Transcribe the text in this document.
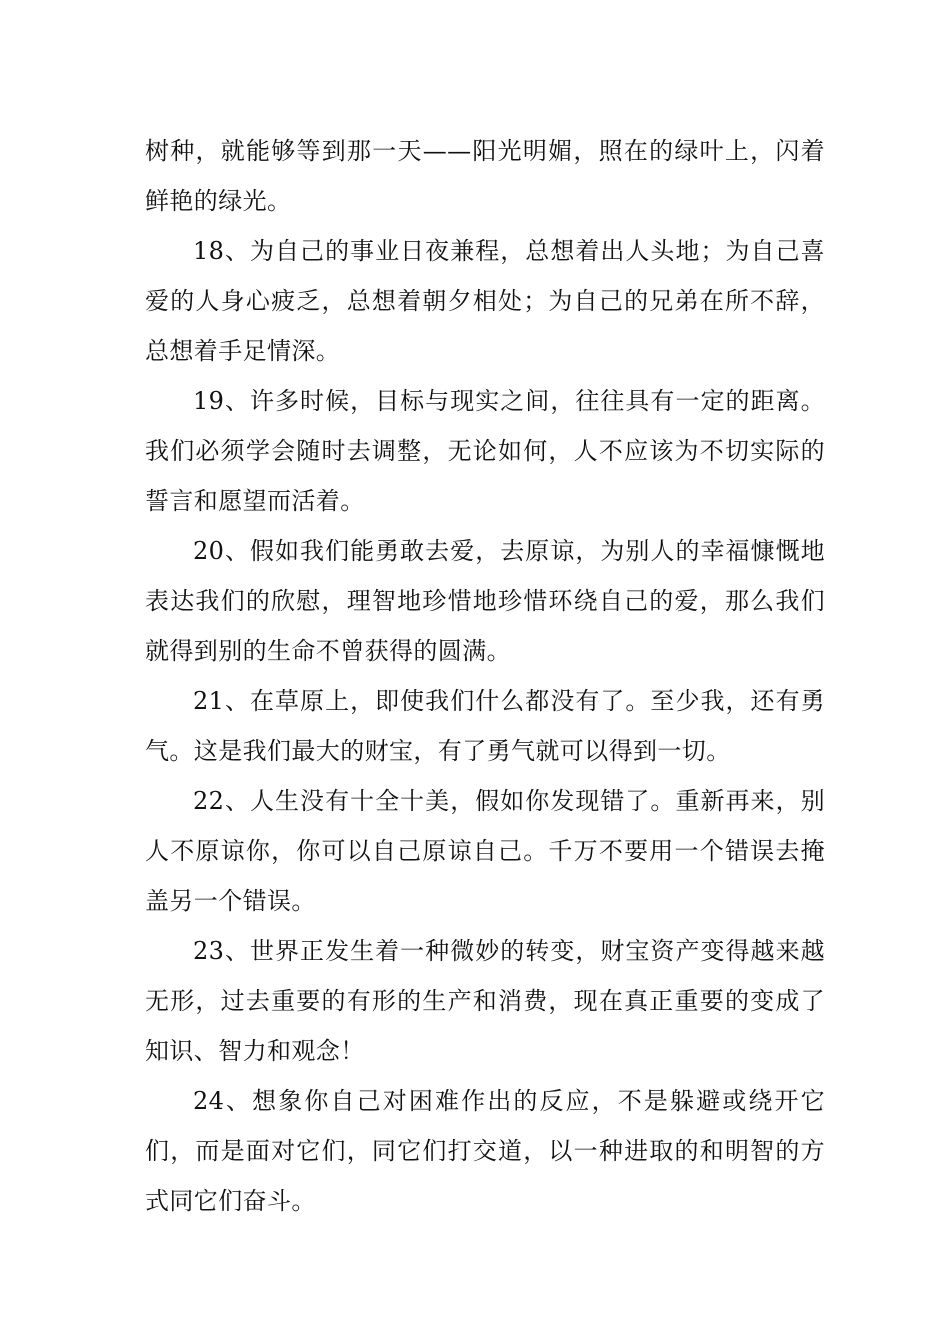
树种，就能够等到那一天——阳光明媚，照在的绿叶上，闪着鲜艳的绿光。

18、为自己的事业日夜兼程，总想着出人头地；为自己喜爱的人身心疲乏，总想着朝夕相处；为自己的兄弟在所不辞，总想着手足情深。

19、许多时候，目标与现实之间，往往具有一定的距离。我们必须学会随时去调整，无论如何，人不应该为不切实际的誓言和愿望而活着。

20、假如我们能勇敢去爱，去原谅，为别人的幸福慷慨地表达我们的欣慰，理智地珍惜地珍惜环绕自己的爱，那么我们就得到别的生命不曾获得的圆满。

21、在草原上，即使我们什么都没有了。至少我，还有勇气。这是我们最大的财宝，有了勇气就可以得到一切。

22、人生没有十全十美，假如你发现错了。重新再来，别人不原谅你，你可以自己原谅自己。千万不要用一个错误去掩盖另一个错误。

23、世界正发生着一种微妙的转变，财宝资产变得越来越无形，过去重要的有形的生产和消费，现在真正重要的变成了知识、智力和观念！

24、想象你自己对困难作出的反应，不是躲避或绕开它们，而是面对它们，同它们打交道，以一种进取的和明智的方式同它们奋斗。
